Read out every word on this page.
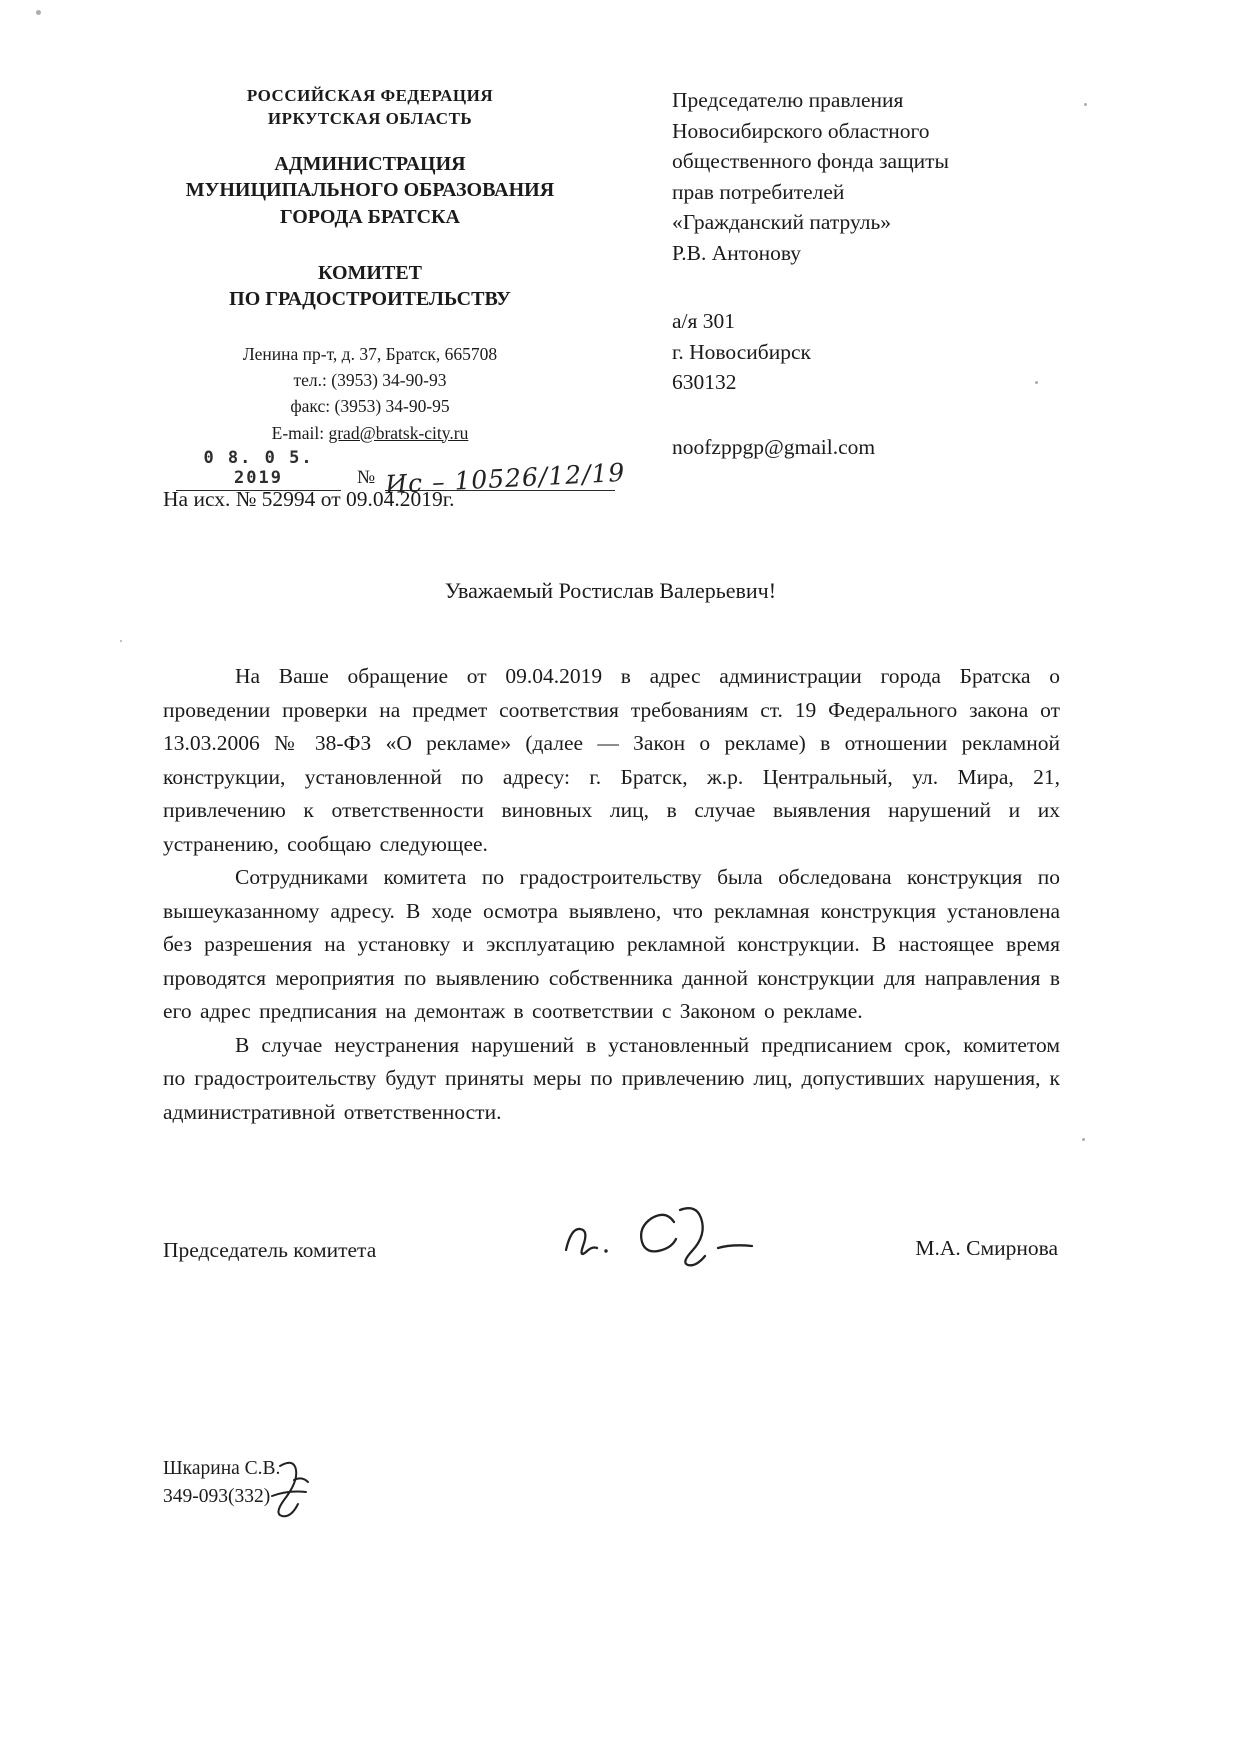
РОССИЙСКАЯ ФЕДЕРАЦИЯ
ИРКУТСКАЯ ОБЛАСТЬ
АДМИНИСТРАЦИЯ
МУНИЦИПАЛЬНОГО ОБРАЗОВАНИЯ
ГОРОДА БРАТСКА
КОМИТЕТ
ПО ГРАДОСТРОИТЕЛЬСТВУ
Ленина пр-т, д. 37, Братск, 665708
тел.: (3953) 34-90-93
факс: (3953) 34-90-95
E-mail: grad@bratsk-city.ru
0 8. 0 5. 2019	№ Ис – 10526/12/19
На исх. № 52994 от 09.04.2019г.
Председателю правления
Новосибирского областного
общественного фонда защиты
прав потребителей
«Гражданский патруль»
Р.В. Антонову
а/я 301
г. Новосибирск
630132
noofzppgp@gmail.com
Уважаемый Ростислав Валерьевич!

На Ваше обращение от 09.04.2019 в адрес администрации города Братска о проведении проверки на предмет соответствия требованиям ст. 19 Федерального закона от 13.03.2006 № 38-ФЗ «О рекламе» (далее — Закон о рекламе) в отношении рекламной конструкции, установленной по адресу: г. Братск, ж.р. Центральный, ул. Мира, 21, привлечению к ответственности виновных лиц, в случае выявления нарушений и их устранению, сообщаю следующее.

Сотрудниками комитета по градостроительству была обследована конструкция по вышеуказанному адресу. В ходе осмотра выявлено, что рекламная конструкция установлена без разрешения на установку и эксплуатацию рекламной конструкции. В настоящее время проводятся мероприятия по выявлению собственника данной конструкции для направления в его адрес предписания на демонтаж в соответствии с Законом о рекламе.

В случае неустранения нарушений в установленный предписанием срок, комитетом по градостроительству будут приняты меры по привлечению лиц, допустивших нарушения, к административной ответственности.

Председатель комитета	М.А. Смирнова
Шкарина С.В.
349-093(332)
